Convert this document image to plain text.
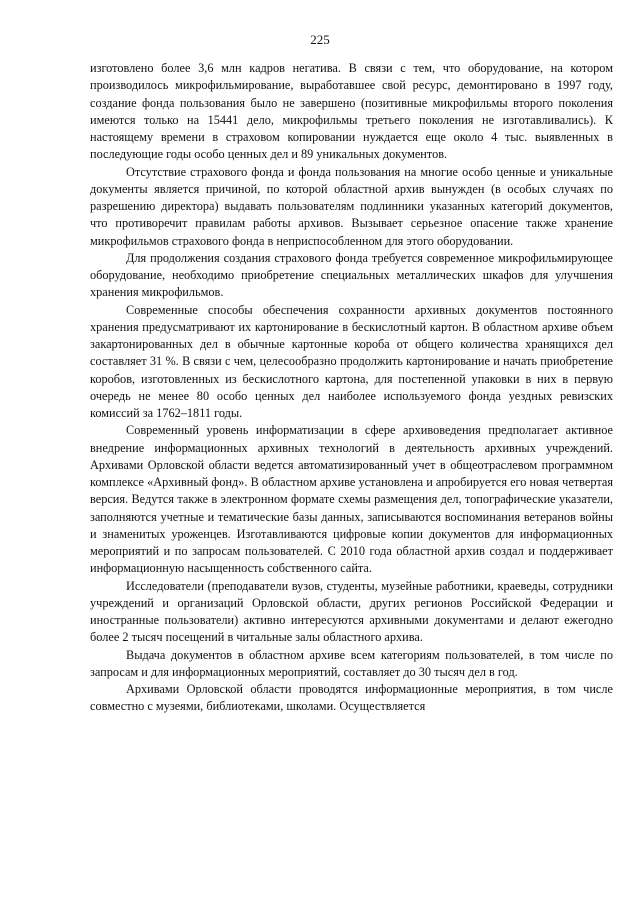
225

изготовлено более 3,6 млн кадров негатива. В связи с тем, что оборудование, на котором производилось микрофильмирование, выработавшее свой ресурс, демонтировано в 1997 году, создание фонда пользования было не завершено (позитивные микрофильмы второго поколения имеются только на 15441 дело, микрофильмы третьего поколения не изготавливались). К настоящему времени в страховом копировании нуждается еще около 4 тыс. выявленных в последующие годы особо ценных дел и 89 уникальных документов.

Отсутствие страхового фонда и фонда пользования на многие особо ценные и уникальные документы является причиной, по которой областной архив вынужден (в особых случаях по разрешению директора) выдавать пользователям подлинники указанных категорий документов, что противоречит правилам работы архивов. Вызывает серьезное опасение также хранение микрофильмов страхового фонда в неприспособленном для этого оборудовании.

Для продолжения создания страхового фонда требуется современное микрофильмирующее оборудование, необходимо приобретение специальных металлических шкафов для улучшения хранения микрофильмов.

Современные способы обеспечения сохранности архивных документов постоянного хранения предусматривают их картонирование в бескислотный картон. В областном архиве объем закартонированных дел в обычные картонные короба от общего количества хранящихся дел составляет 31 %. В связи с чем, целесообразно продолжить картонирование и начать приобретение коробов, изготовленных из бескислотного картона, для постепенной упаковки в них в первую очередь не менее 80 особо ценных дел наиболее используемого фонда уездных ревизских комиссий за 1762–1811 годы.

Современный уровень информатизации в сфере архивоведения предполагает активное внедрение информационных архивных технологий в деятельность архивных учреждений. Архивами Орловской области ведется автоматизированный учет в общеотраслевом программном комплексе «Архивный фонд». В областном архиве установлена и апробируется его новая четвертая версия. Ведутся также в электронном формате схемы размещения дел, топографические указатели, заполняются учетные и тематические базы данных, записываются воспоминания ветеранов войны и знаменитых уроженцев. Изготавливаются цифровые копии документов для информационных мероприятий и по запросам пользователей. С 2010 года областной архив создал и поддерживает информационную насыщенность собственного сайта.

Исследователи (преподаватели вузов, студенты, музейные работники, краеведы, сотрудники учреждений и организаций Орловской области, других регионов Российской Федерации и иностранные пользователи) активно интересуются архивными документами и делают ежегодно более 2 тысяч посещений в читальные залы областного архива.

Выдача документов в областном архиве всем категориям пользователей, в том числе по запросам и для информационных мероприятий, составляет до 30 тысяч дел в год.

Архивами Орловской области проводятся информационные мероприятия, в том числе совместно с музеями, библиотеками, школами. Осуществляется
